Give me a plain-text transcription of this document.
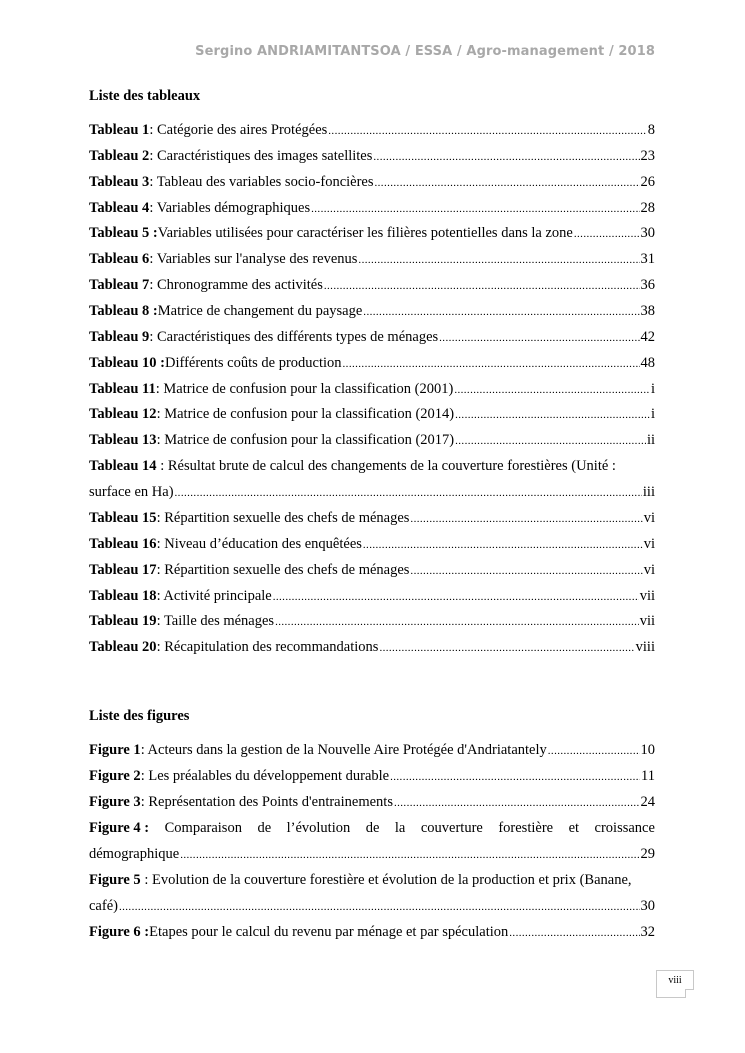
Sergino ANDRIAMITANTSOA / ESSA / Agro-management / 2018
Liste des tableaux
Tableau 1 : Catégorie des aires Protégées .....	8
Tableau 2 : Caractéristiques des images satellites .....	23
Tableau 3 : Tableau des variables socio-foncières .....	26
Tableau 4 : Variables démographiques .....	28
Tableau 5 : Variables utilisées pour caractériser les filières potentielles dans la zone .....	30
Tableau 6 : Variables sur l'analyse des revenus .....	31
Tableau 7 : Chronogramme des activités .....	36
Tableau 8 : Matrice de changement du paysage .....	38
Tableau 9 : Caractéristiques des différents types de ménages .....	42
Tableau 10 : Différents coûts de production .....	48
Tableau 11 : Matrice de confusion pour la classification (2001) .....	i
Tableau 12 : Matrice de confusion pour la classification (2014) .....	i
Tableau 13 : Matrice de confusion pour la classification (2017) .....	ii
Tableau 14 : Résultat brute de calcul des changements de la couverture forestières (Unité :
surface en Ha) .....	iii
Tableau 15 : Répartition sexuelle des chefs de ménages .....	vi
Tableau 16 : Niveau d’éducation des enquêtées .....	vi
Tableau 17 : Répartition sexuelle des chefs de ménages .....	vi
Tableau 18 : Activité principale .....	vii
Tableau 19 : Taille des ménages .....	vii
Tableau 20 : Récapitulation des recommandations .....	viii
Liste des figures
Figure 1 : Acteurs dans la gestion de la Nouvelle Aire Protégée d'Andriatantely .....	10
Figure 2 : Les préalables du développement durable .....	11
Figure 3 : Représentation des Points d'entrainements .....	24
Figure 4 : Comparaison de l’évolution de la couverture forestière et croissance
démographique .....	29
Figure 5 : Evolution de la couverture forestière et évolution de la production et prix (Banane,
café) .....	30
Figure 6 : Etapes pour le calcul du revenu par ménage et par spéculation .....	32
viii
